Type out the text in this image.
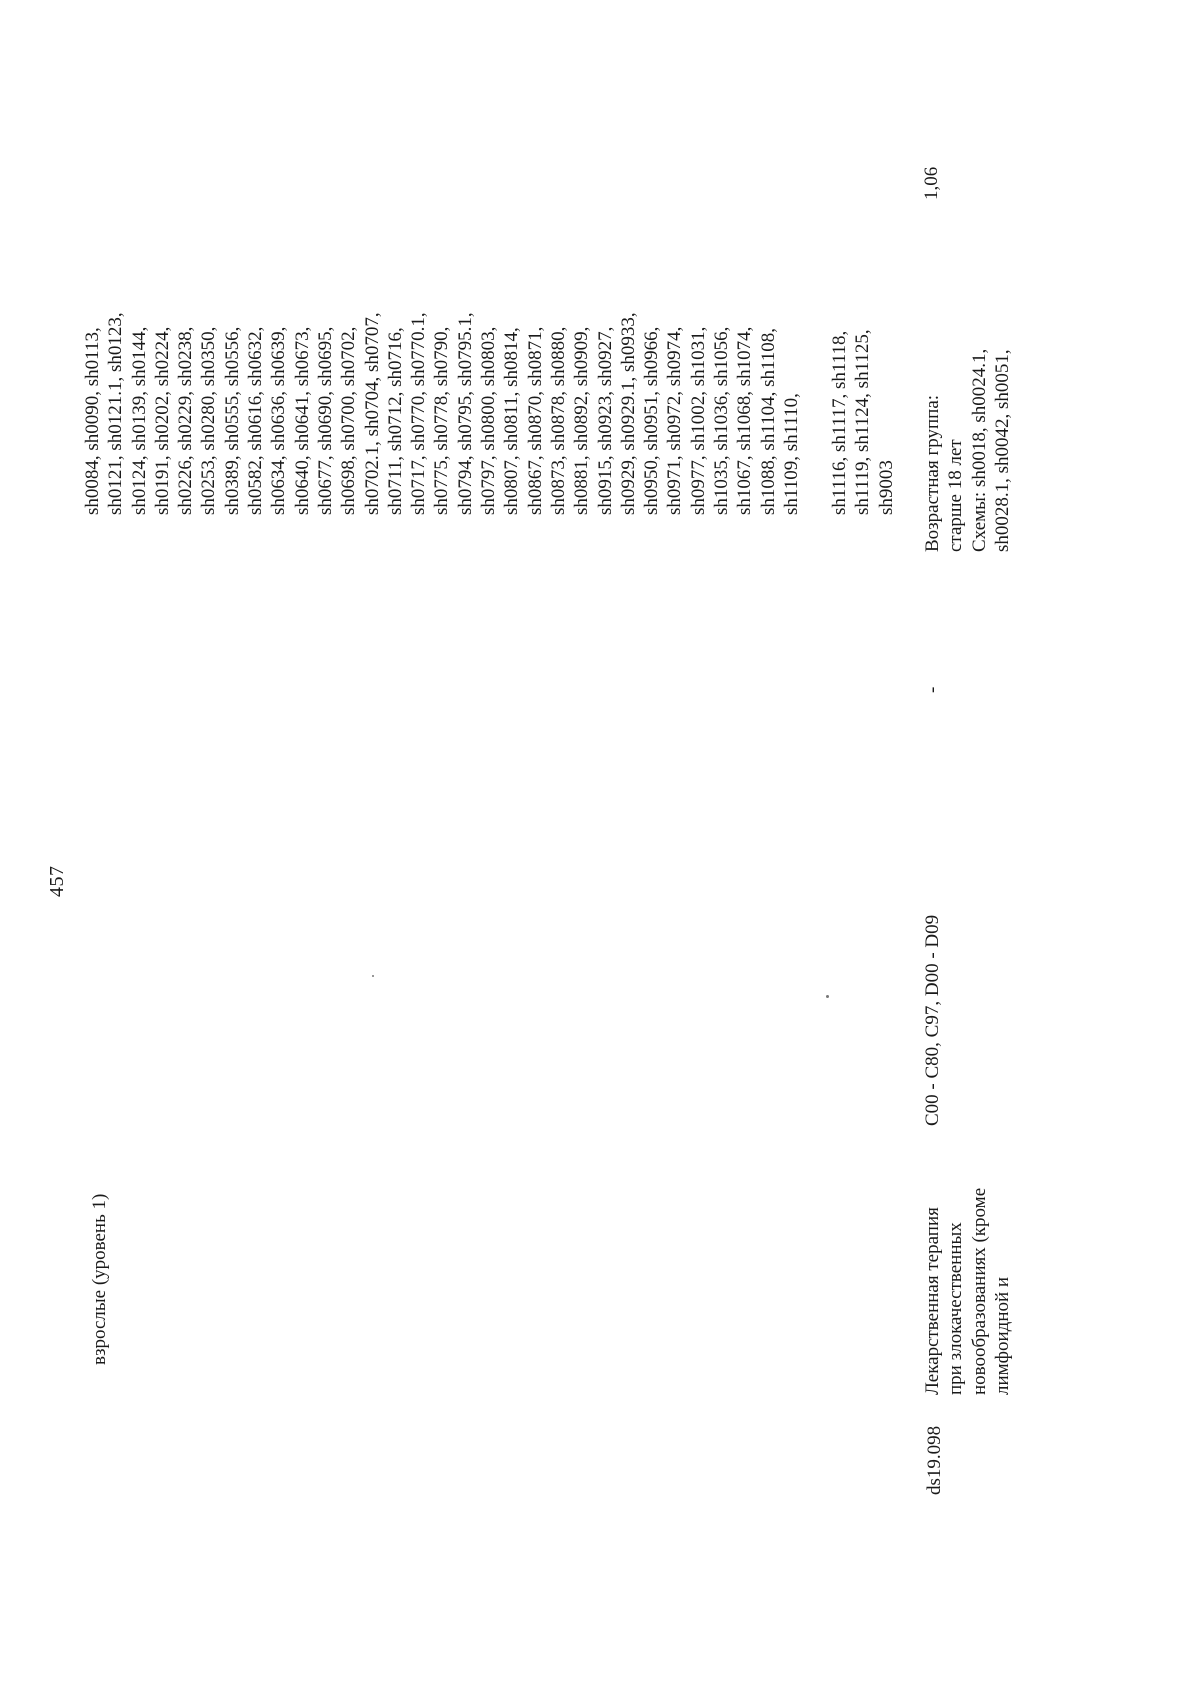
457
взрослые (уровень 1)
sh0084, sh0090, sh0113, sh0121, sh0121.1, sh0123, sh0124, sh0139, sh0144, sh0191, sh0202, sh0224, sh0226, sh0229, sh0238, sh0253, sh0280, sh0350, sh0389, sh0555, sh0556, sh0582, sh0616, sh0632, sh0634, sh0636, sh0639, sh0640, sh0641, sh0673, sh0677, sh0690, sh0695, sh0698, sh0700, sh0702, sh0702.1, sh0704, sh0707, sh0711, sh0712, sh0716, sh0717, sh0770, sh0770.1, sh0775, sh0778, sh0790, sh0794, sh0795, sh0795.1, sh0797, sh0800, sh0803, sh0807, sh0811, sh0814, sh0867, sh0870, sh0871, sh0873, sh0878, sh0880, sh0881, sh0892, sh0909, sh0915, sh0923, sh0927, sh0929, sh0929.1, sh0933, sh0950, sh0951, sh0966, sh0971, sh0972, sh0974, sh0977, sh1002, sh1031, sh1035, sh1036, sh1056, sh1067, sh1068, sh1074, sh1088, sh1104, sh1108, sh1109, sh1110, sh1116, sh1117, sh1118, sh1119, sh1124, sh1125, sh9003
1,06
ds19.098
Лекарственная терапия при злокачественных новообразованиях (кроме лимфоидной и
C00 - C80, C97, D00 - D09
-
Возрастная группа: старше 18 лет Схемы: sh0018, sh0024.1, sh0028.1, sh0042, sh0051,
